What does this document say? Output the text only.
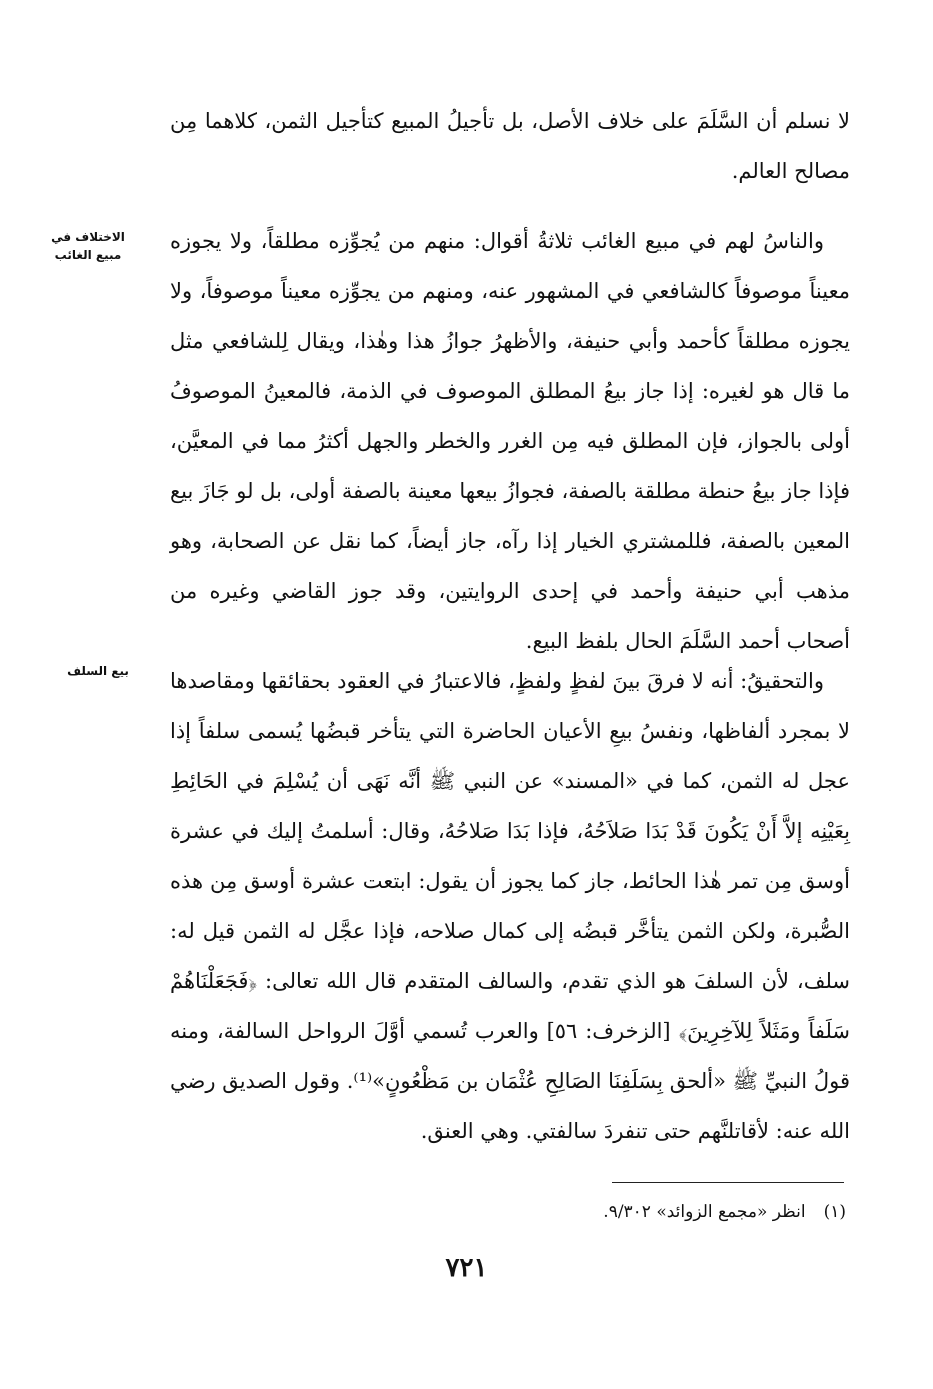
لا نسلم أن السَّلَمَ على خلاف الأصل، بل تأجيلُ المبيع كتأجيل الثمن، كلاهما مِن مصالح العالم.

الاختلاف في مبيع الغائب

والناسُ لهم في مبيع الغائب ثلاثةُ أقوال: منهم من يُجوِّزه مطلقاً، ولا يجوزه معيناً موصوفاً كالشافعي في المشهور عنه، ومنهم من يجوِّزه معيناً موصوفاً، ولا يجوزه مطلقاً كأحمد وأبي حنيفة، والأظهرُ جوازُ هذا وهٰذا، ويقال لِلشافعي مثل ما قال هو لغيره: إذا جاز بيعُ المطلق الموصوف في الذمة، فالمعينُ الموصوفُ أولى بالجواز، فإن المطلق فيه مِن الغرر والخطر والجهل أكثرُ مما في المعيَّن، فإذا جاز بيعُ حنطة مطلقة بالصفة، فجوازُ بيعها معينة بالصفة أولى، بل لو جَازَ بيع المعين بالصفة، فللمشتري الخيار إذا رآه، جاز أيضاً، كما نقل عن الصحابة، وهو مذهب أبي حنيفة وأحمد في إحدى الروايتين، وقد جوز القاضي وغيره من أصحاب أحمد السَّلَمَ الحال بلفظ البيع.

بيع السلف	والتحقيقُ: أنه لا فرقَ بينَ لفظٍ ولفظٍ، فالاعتبارُ في العقود بحقائقها ومقاصدها لا بمجرد ألفاظها، ونفسُ بيعِ الأعيان الحاضرة التي يتأخر قبضُها يُسمى سلفاً إذا عجل له الثمن، كما في «المسند» عن النبي ﷺ أنَّه نَهَى أن يُسْلِمَ في الحَائِطِ بِعَيْنِه إلاَّ أَنْ يَكُونَ قَدْ بَدَا صَلاَحُهُ، فإذا بَدَا صَلاحُهُ، وقال: أسلمتُ إليك في عشرة أوسق مِن تمر هٰذا الحائط، جاز كما يجوز أن يقول: ابتعت عشرة أوسق مِن هذه الصُّبرة، ولكن الثمن يتأخَّر قبضُه إلى كمال صلاحه، فإذا عجَّل له الثمن قيل له: سلف، لأن السلفَ هو الذي تقدم، والسالف المتقدم قال الله تعالى: ﴿فَجَعَلْنَاهُمْ سَلَفاً ومَثَلاً لِلآخِرِينَ﴾ [الزخرف: ٥٦] والعرب تُسمي أوَّلَ الرواحل السالفة، ومنه قولُ النبيِّ ﷺ «ألحق بِسَلَفِنَا الصَالِحِ عُثْمَان بن مَظْعُونٍ»⁽¹⁾. وقول الصديق رضي الله عنه: لأقاتلنَّهم حتى تنفردَ سالفتي. وهي العنق.

(١)انظر «مجمع الزوائد» ٩/٣٠٢.
٧٢١
